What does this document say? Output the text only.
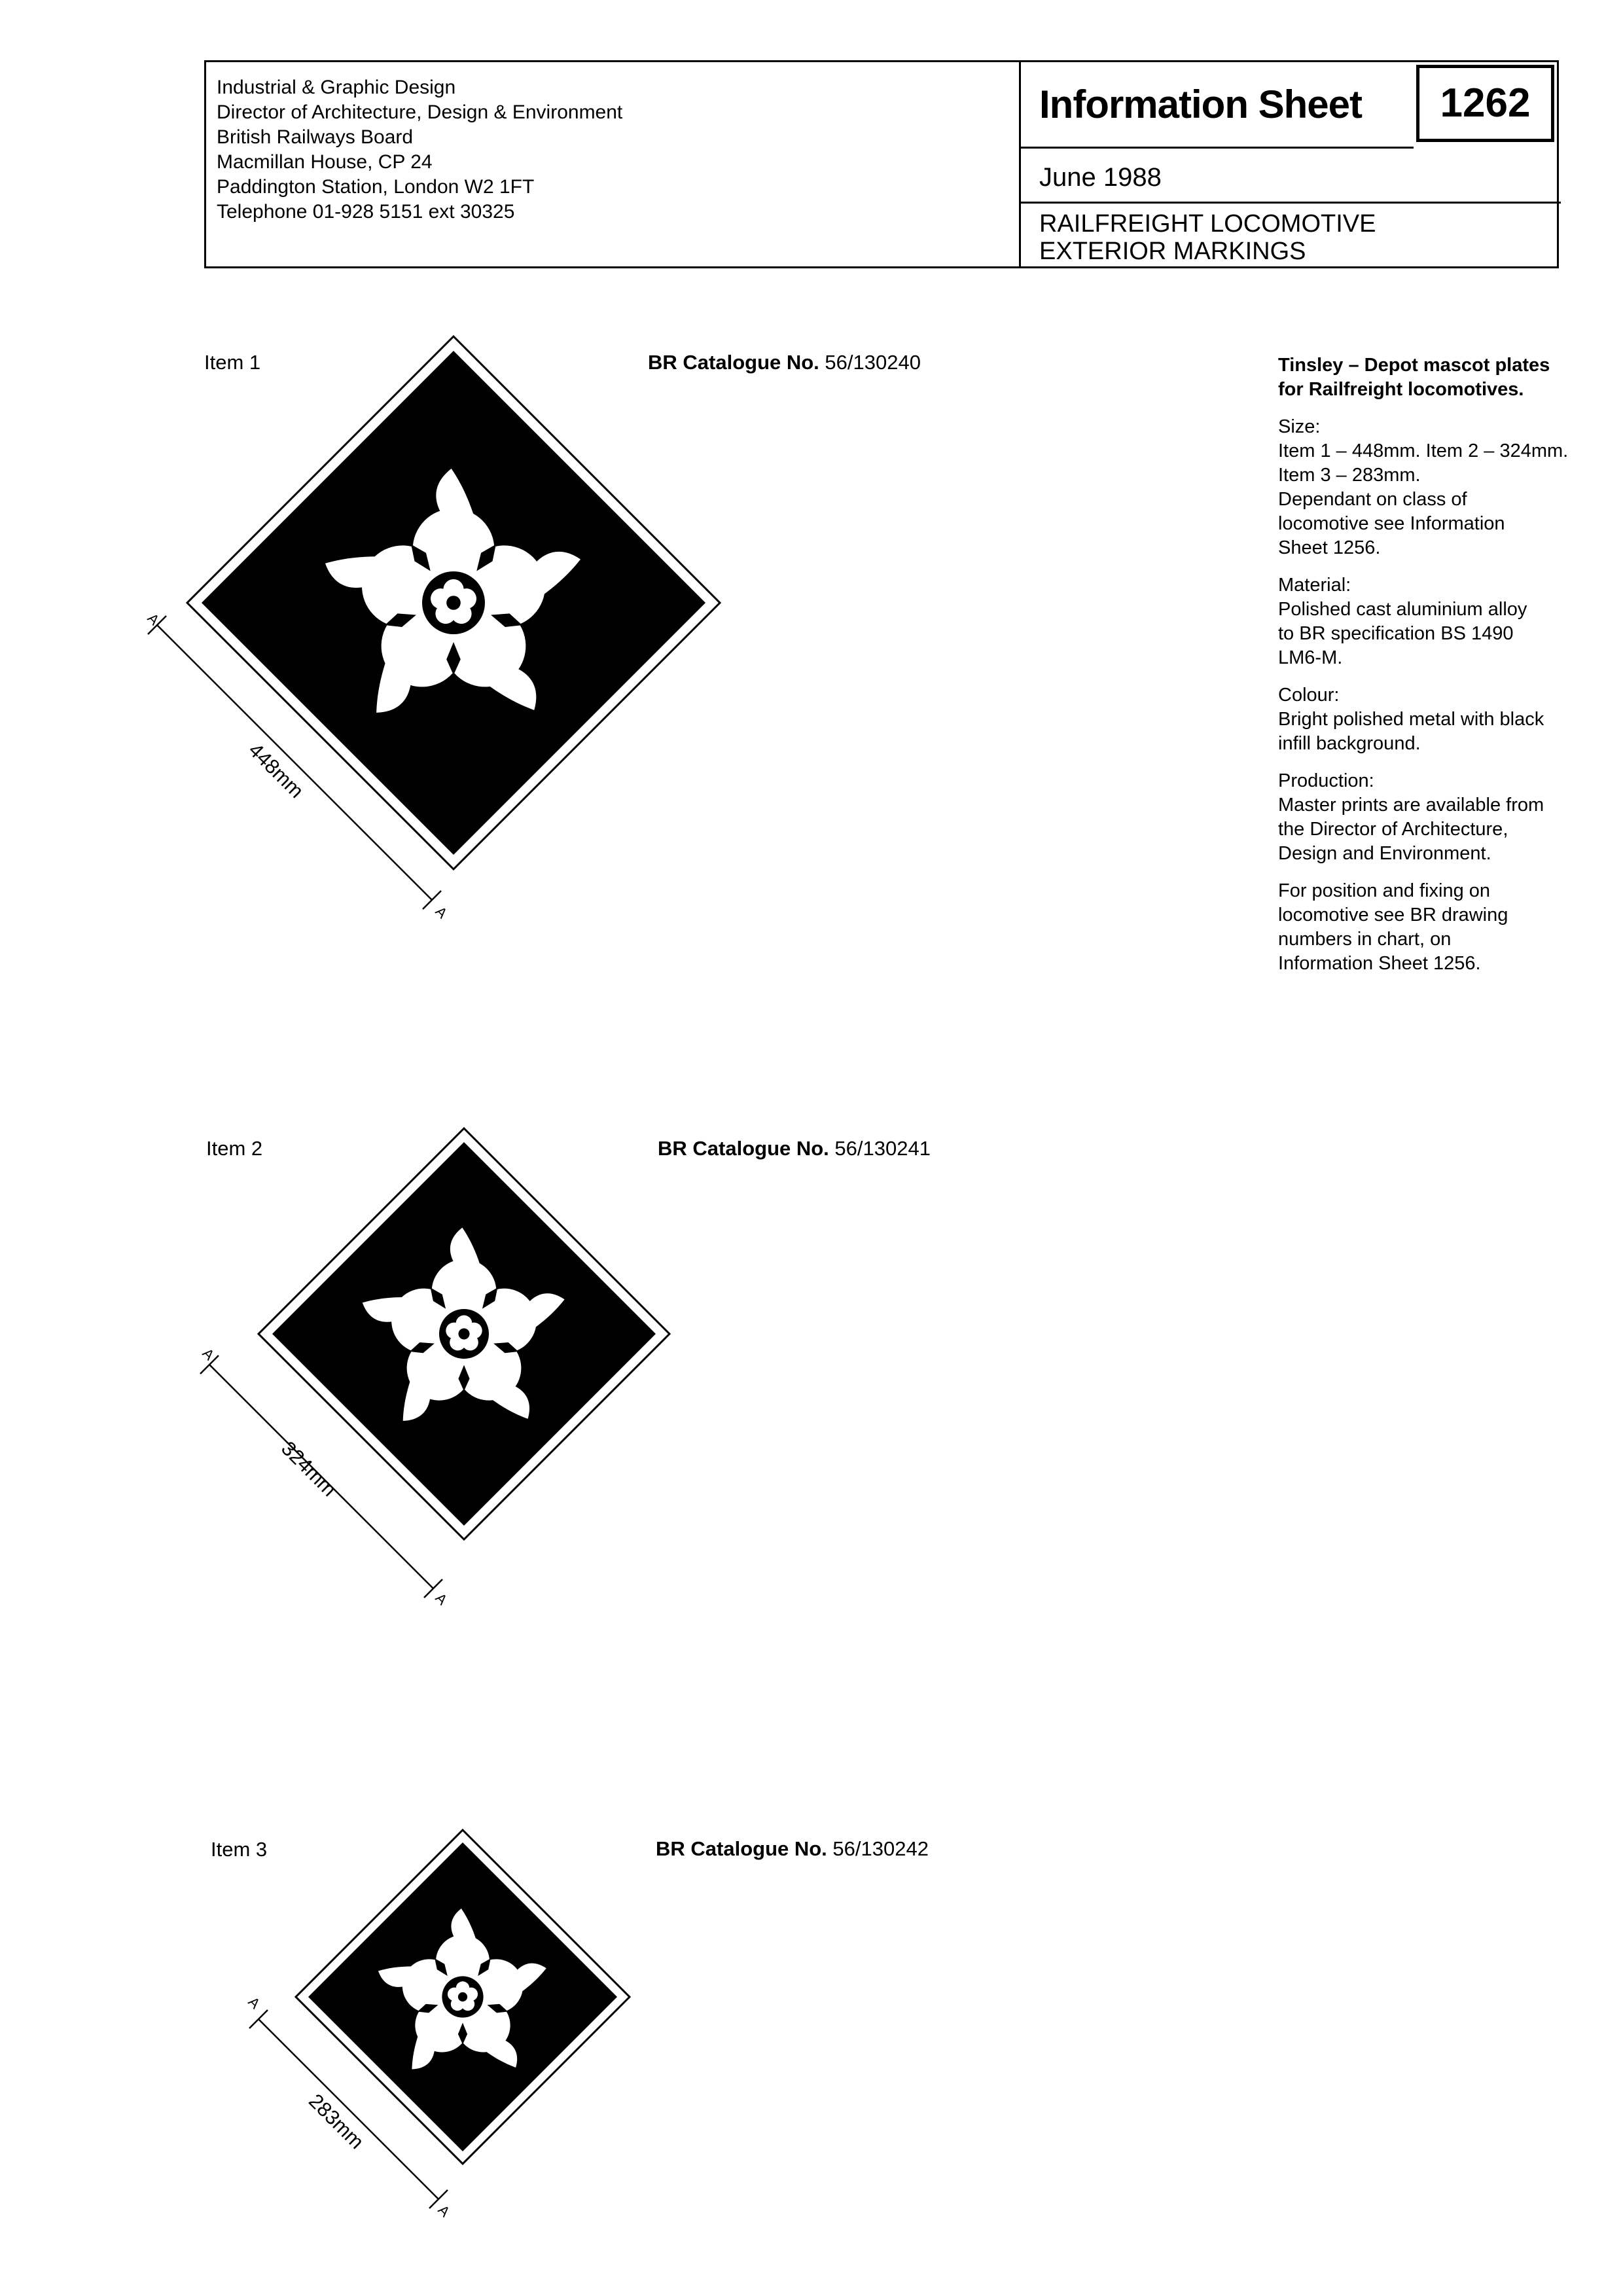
Industrial & Graphic Design
Director of Architecture, Design & Environment
British Railways Board
Macmillan House, CP 24
Paddington Station, London W2 1FT
Telephone 01-928 5151 ext 30325
Information Sheet	1262
June 1988
RAILFREIGHT LOCOMOTIVE
EXTERIOR MARKINGS
Item 1	BR Catalogue No. 56/130240
Item 2	BR Catalogue No. 56/130241
Item 3	BR Catalogue No. 56/130242
448mm
A
A
324mm
A
A
283mm
A
A
Tinsley – Depot mascot plates
for Railfreight locomotives.
Size:
Item 1 – 448mm. Item 2 – 324mm.
Item 3 – 283mm.
Dependant on class of
locomotive see Information
Sheet 1256.
Material:
Polished cast aluminium alloy
to BR specification BS 1490
LM6-M.
Colour:
Bright polished metal with black
infill background.
Production:
Master prints are available from
the Director of Architecture,
Design and Environment.
For position and fixing on
locomotive see BR drawing
numbers in chart, on
Information Sheet 1256.
